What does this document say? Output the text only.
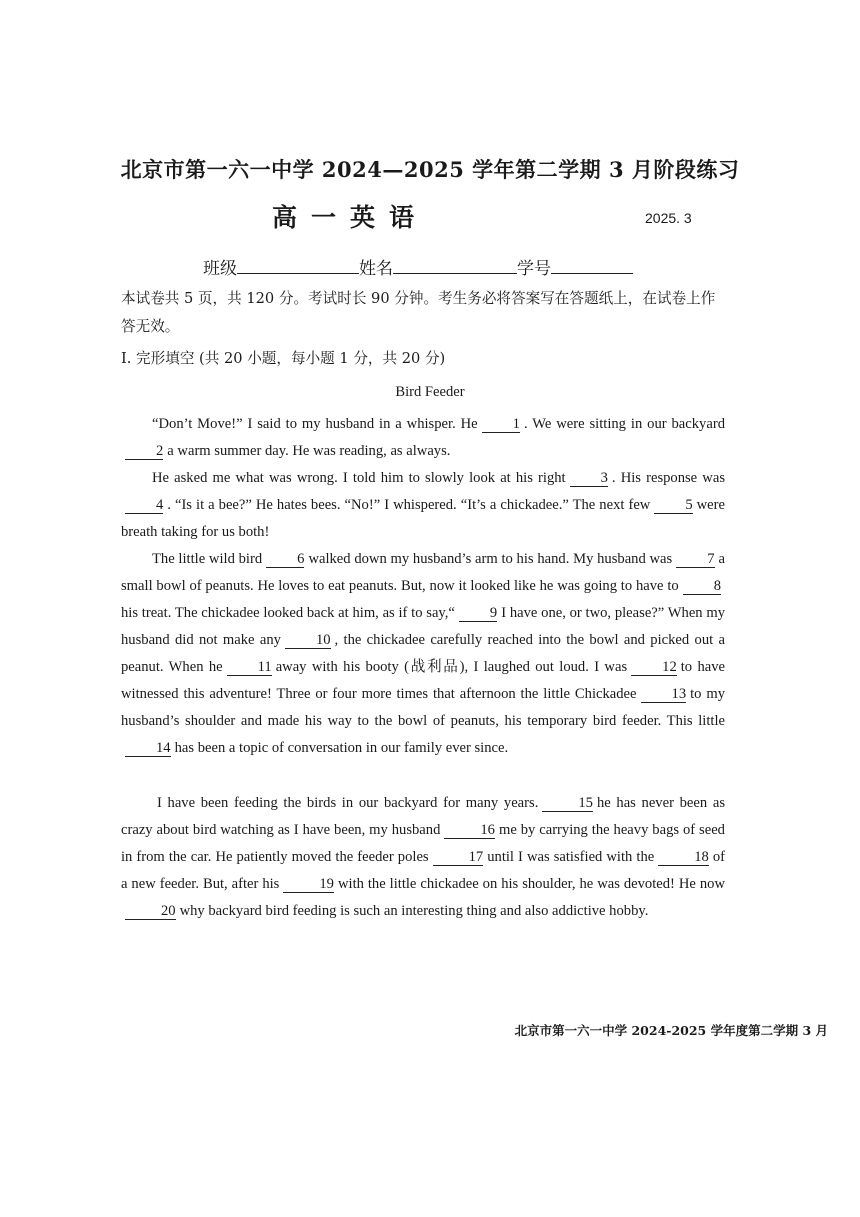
北京市第一六一中学 2024—2025 学年第二学期 3 月阶段练习
高一英语	2025. 3
班级	姓名	学号
本试卷共 5 页，共 120 分。考试时长 90 分钟。考生务必将答案写在答题纸上，在试卷上作答无效。
I. 完形填空 (共 20 小题，每小题 1 分，共 20 分)
Bird Feeder
“Don’t Move!” I said to my husband in a whisper. He 1 . We were sitting in our backyard2 a warm summer day. He was reading, as always.
He asked me what was wrong. I told him to slowly look at his right 3 . His response was4 . “Is it a bee?” He hates bees. “No!” I whispered. “It’s a chickadee.” The next few 5 were breath taking for us both!
The little wild bird 6 walked down my husband’s arm to his hand. My husband was 7 a small bowl of peanuts. He loves to eat peanuts. But, now it looked like he was going to have to 8his treat. The chickadee looked back at him, as if to say,“ 9 I have one, or two, please?” When my husband did not make any 10 , the chickadee carefully reached into the bowl and picked out a peanut. When he 11 away with his booty (战利品), I laughed out loud. I was 12 to have witnessed this adventure! Three or four more times that afternoon the little Chickadee 13 to my husband’s shoulder and made his way to the bowl of peanuts, his temporary bird feeder. This little14 has been a topic of conversation in our family ever since.
I have been feeding the birds in our backyard for many years.	15 he has never been as crazy about bird watching as I have been, my husband	16 me by carrying the heavy bags of seed in from the car. He patiently moved the feeder poles	17 until I was satisfied with the	18 of a new feeder. But, after his	19 with the little chickadee on his shoulder, he was devoted! He now20 why backyard bird feeding is such an interesting thing and also addictive hobby.
北京市第一六一中学 2024-2025 学年度第二学期 3 月
